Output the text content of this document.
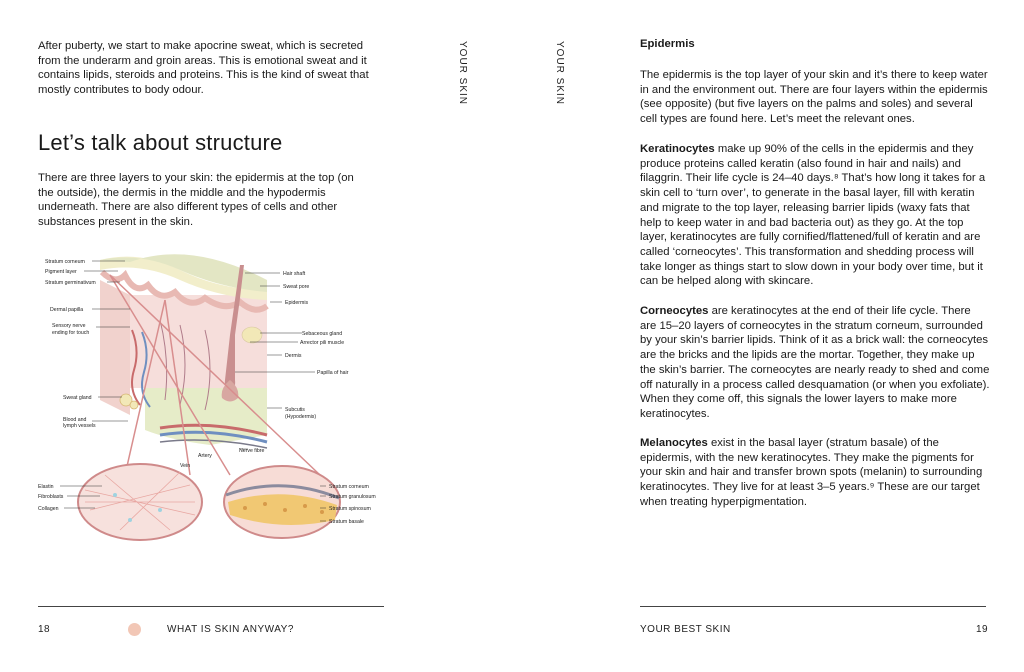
After puberty, we start to make apocrine sweat, which is secreted from the underarm and groin areas. This is emotional sweat and it contains lipids, steroids and proteins. This is the kind of sweat that mostly contributes to body odour.

Let’s talk about structure

There are three layers to your skin: the epidermis at the top (on the outside), the dermis in the middle and the hypodermis underneath. There are also different types of cells and other substances present in the skin.

YOUR SKIN
Stratum corneum
Pigment layer
Stratum germinativum
Dermal papilla
Sensory nerve
ending for touch
Sweat gland
Blood and
lymph vessels
Elastin
Fibroblasts
Collagen
Hair shaft
Sweat pore
Epidermis
Sebaceous gland
Arrector pili muscle
Dermis
Papilla of hair
Subcutis
(Hypodermis)
Nerve fibre
Stratum corneum
Stratum granulosum
Stratum spinosum
Stratum basale
Artery
Vein
18	WHAT IS SKIN ANYWAY?
YOUR SKIN	Epidermis

The epidermis is the top layer of your skin and it’s there to keep water in and the environment out. There are four layers within the epidermis (see opposite) (but five layers on the palms and soles) and several cell types are found here. Let’s meet the relevant ones.

Keratinocytes make up 90% of the cells in the epidermis and they produce proteins called keratin (also found in hair and nails) and filaggrin. Their life cycle is 24–40 days.⁸ That’s how long it takes for a skin cell to ‘turn over’, to generate in the basal layer, fill with keratin and migrate to the top layer, releasing barrier lipids (waxy fats that help to keep water in and bad bacteria out) as they go. At the top layer, keratinocytes are fully cornified/flattened/full of keratin and are called ‘corneocytes’. This transformation and shedding process will take longer as things start to slow down in your body over time, but it can be helped along with skincare.

Corneocytes are keratinocytes at the end of their life cycle. There are 15–20 layers of corneocytes in the stratum corneum, surrounded by your skin’s barrier lipids. Think of it as a brick wall: the corneocytes are the bricks and the lipids are the mortar. Together, they make up the skin’s barrier. The corneocytes are nearly ready to shed and come off naturally in a process called desquamation (or when you exfoliate). When they come off, this signals the lower layers to make more keratinocytes.

Melanocytes exist in the basal layer (stratum basale) of the epidermis, with the new keratinocytes. They make the pigments for your skin and hair and transfer brown spots (melanin) to surrounding keratinocytes. They live for at least 3–5 years.⁹ These are our target when treating hyperpigmentation.

YOUR BEST SKIN	19
